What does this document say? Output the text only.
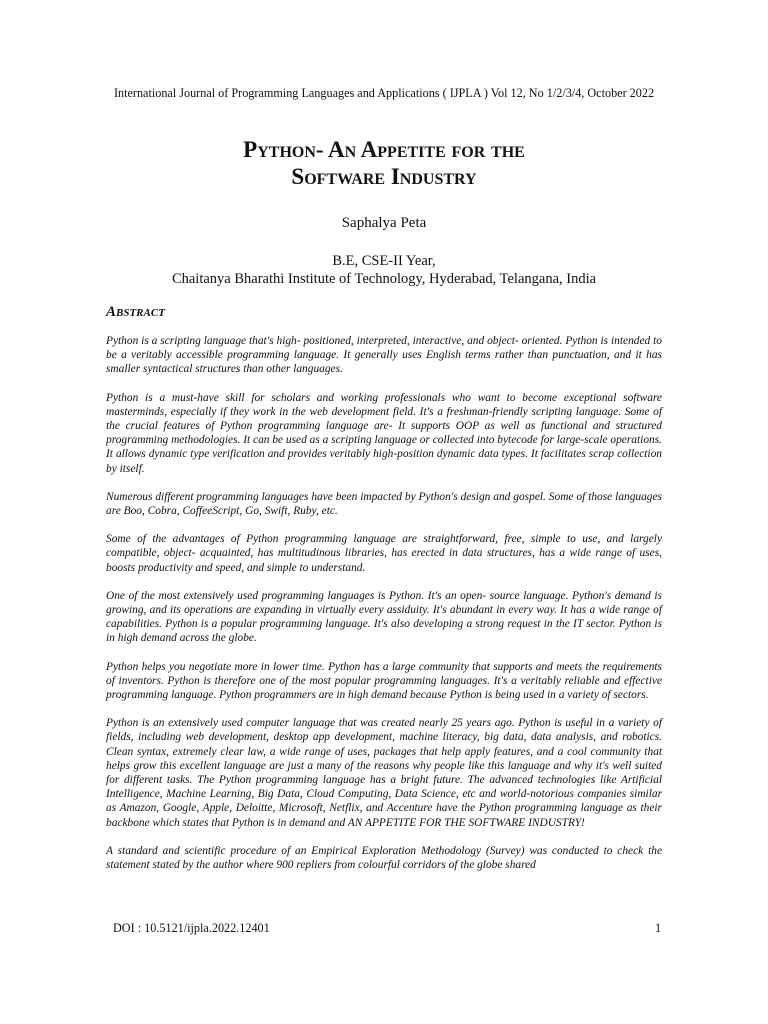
International Journal of Programming Languages and Applications ( IJPLA ) Vol 12, No 1/2/3/4, October 2022
Python- An Appetite for the
Software Industry
Saphalya Peta
B.E, CSE-II Year,
Chaitanya Bharathi Institute of Technology, Hyderabad, Telangana, India
Abstract

Python is a scripting language that's high- positioned, interpreted, interactive, and object- oriented. Python is intended to be a veritably accessible programming language. It generally uses English terms rather than punctuation, and it has smaller syntactical structures than other languages.

Python is a must-have skill for scholars and working professionals who want to become exceptional software masterminds, especially if they work in the web development field. It's a freshman-friendly scripting language. Some of the crucial features of Python programming language are- It supports OOP as well as functional and structured programming methodologies. It can be used as a scripting language or collected into bytecode for large-scale operations. It allows dynamic type verification and provides veritably high-position dynamic data types. It facilitates scrap collection by itself.

Numerous different programming languages have been impacted by Python's design and gospel. Some of those languages are Boo, Cobra, CoffeeScript, Go, Swift, Ruby, etc.

Some of the advantages of Python programming language are straightforward, free, simple to use, and largely compatible, object- acquainted, has multitudinous libraries, has erected in data structures, has a wide range of uses, boosts productivity and speed, and simple to understand.

One of the most extensively used programming languages is Python. It's an open- source language. Python's demand is growing, and its operations are expanding in virtually every assiduity. It's abundant in every way. It has a wide range of capabilities. Python is a popular programming language. It's also developing a strong request in the IT sector. Python is in high demand across the globe.

Python helps you negotiate more in lower time. Python has a large community that supports and meets the requirements of inventors. Python is therefore one of the most popular programming languages. It's a veritably reliable and effective programming language. Python programmers are in high demand because Python is being used in a variety of sectors.

Python is an extensively used computer language that was created nearly 25 years ago. Python is useful in a variety of fields, including web development, desktop app development, machine literacy, big data, data analysis, and robotics. Clean syntax, extremely clear law, a wide range of uses, packages that help apply features, and a cool community that helps grow this excellent language are just a many of the reasons why people like this language and why it's well suited for different tasks. The Python programming language has a bright future. The advanced technologies like Artificial Intelligence, Machine Learning, Big Data, Cloud Computing, Data Science, etc and world-notorious companies similar as Amazon, Google, Apple, Deloitte, Microsoft, Netflix, and Accenture have the Python programming language as their backbone which states that Python is in demand and AN APPETITE FOR THE SOFTWARE INDUSTRY!

A standard and scientific procedure of an Empirical Exploration Methodology (Survey) was conducted to check the statement stated by the author where 900 repliers from colourful corridors of the globe shared

DOI : 10.5121/ijpla.2022.12401	1
